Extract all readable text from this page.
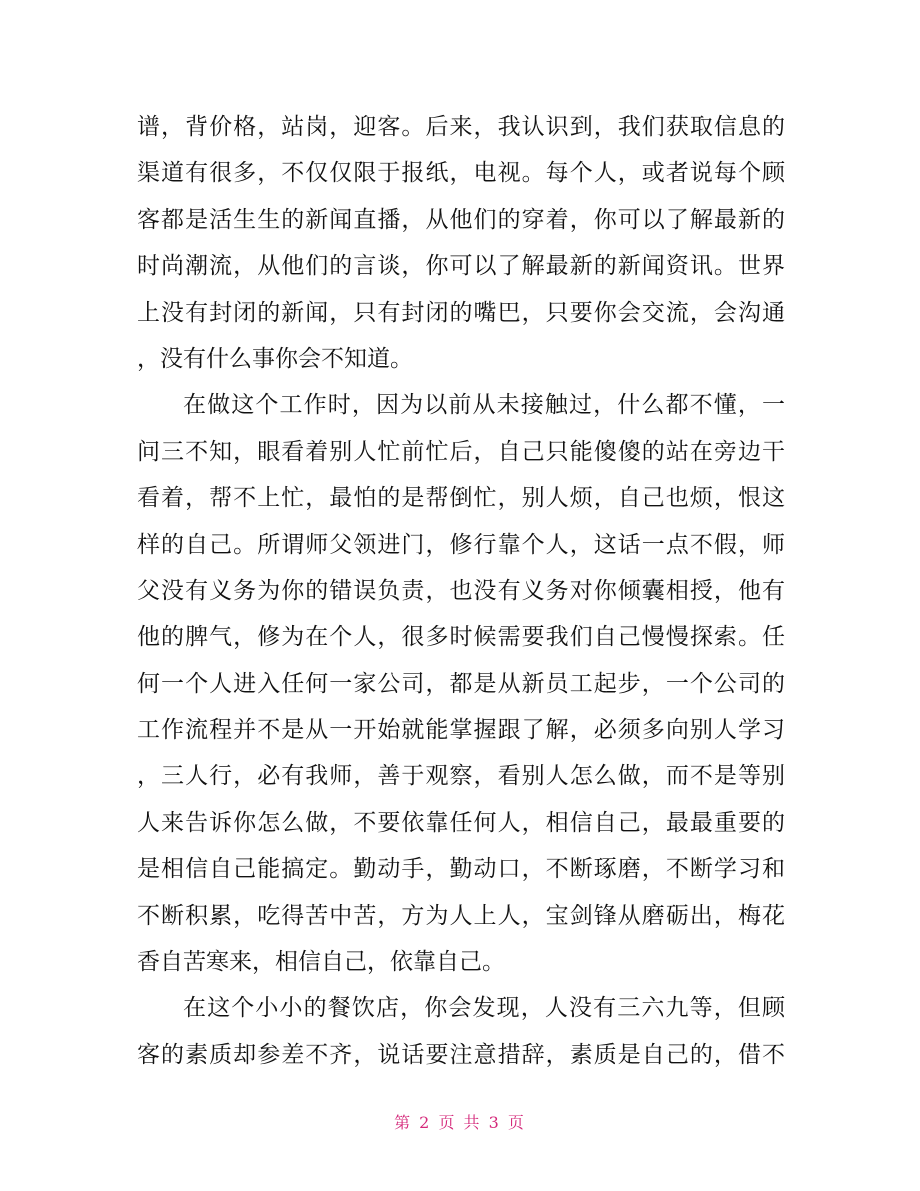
谱，背价格，站岗，迎客。后来，我认识到，我们获取信息的
渠道有很多，不仅仅限于报纸，电视。每个人，或者说每个顾
客都是活生生的新闻直播，从他们的穿着，你可以了解最新的
时尚潮流，从他们的言谈，你可以了解最新的新闻资讯。世界
上没有封闭的新闻，只有封闭的嘴巴，只要你会交流，会沟通
，没有什么事你会不知道。
在做这个工作时，因为以前从未接触过，什么都不懂，一
问三不知，眼看着别人忙前忙后，自己只能傻傻的站在旁边干
看着，帮不上忙，最怕的是帮倒忙，别人烦，自己也烦，恨这
样的自己。所谓师父领进门，修行靠个人，这话一点不假，师
父没有义务为你的错误负责，也没有义务对你倾囊相授，他有
他的脾气，修为在个人，很多时候需要我们自己慢慢探索。任
何一个人进入任何一家公司，都是从新员工起步，一个公司的
工作流程并不是从一开始就能掌握跟了解，必须多向别人学习
，三人行，必有我师，善于观察，看别人怎么做，而不是等别
人来告诉你怎么做，不要依靠任何人，相信自己，最最重要的
是相信自己能搞定。勤动手，勤动口，不断琢磨，不断学习和
不断积累，吃得苦中苦，方为人上人，宝剑锋从磨砺出，梅花
香自苦寒来，相信自己，依靠自己。
在这个小小的餐饮店，你会发现，人没有三六九等，但顾
客的素质却参差不齐，说话要注意措辞，素质是自己的，借不
第 2 页 共 3 页
